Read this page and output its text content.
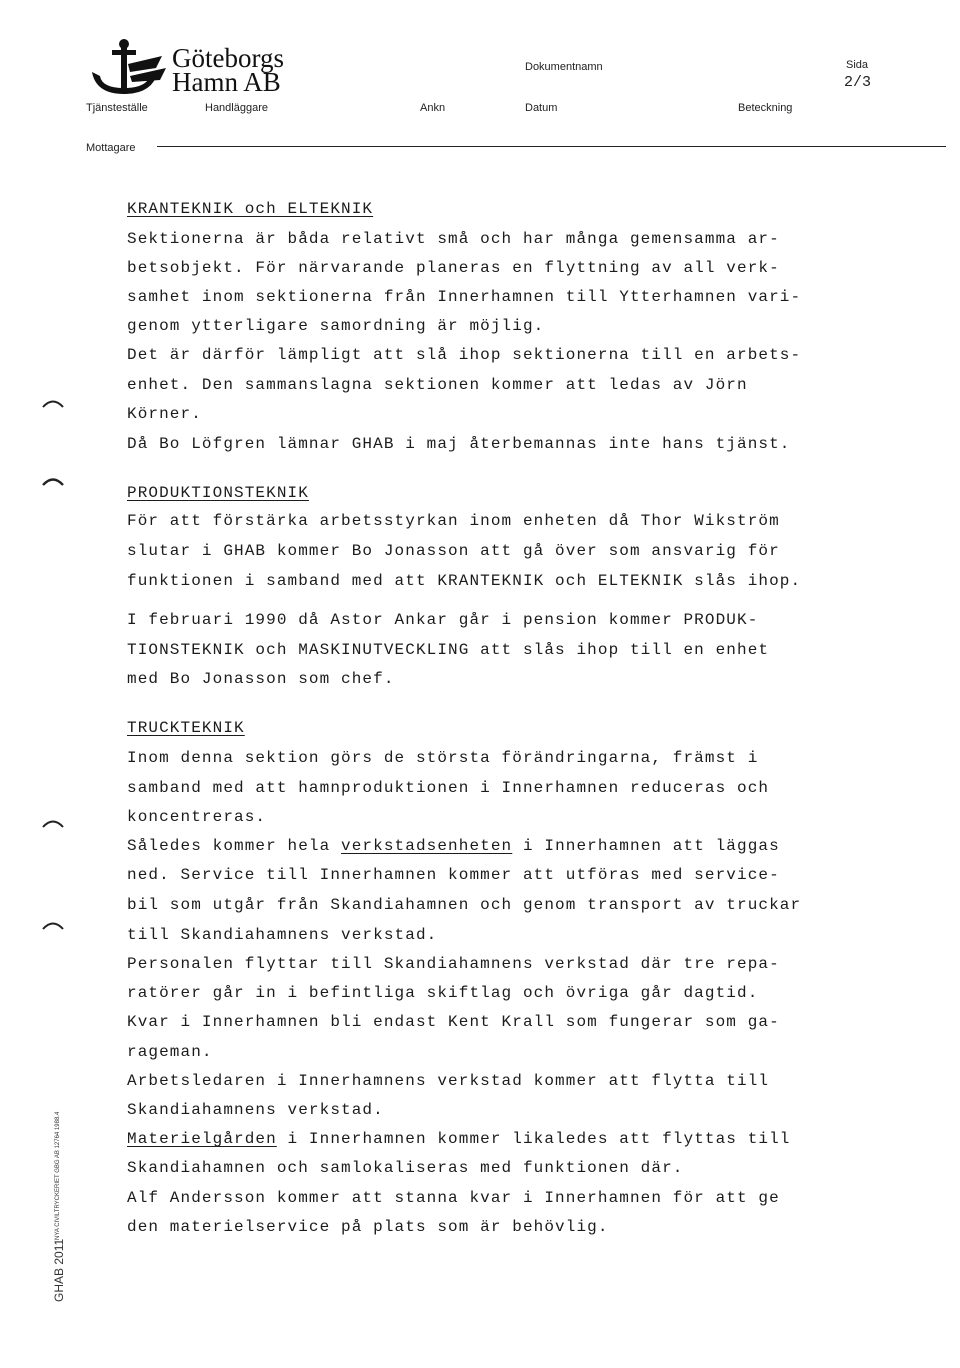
Göteborgs
Hamn AB	Dokumentnamn	Sida
2/3
Tjänsteställe	Handläggare	Ankn	Datum	Beteckning
Mottagare

KRANTEKNIK och ELTEKNIK

Sektionerna är båda relativt små och har många gemensamma ar-

betsobjekt. För närvarande planeras en flyttning av all verk-

samhet inom sektionerna från Innerhamnen till Ytterhamnen vari-

genom ytterligare samordning är möjlig.

Det är därför lämpligt att slå ihop sektionerna till en arbets-

enhet. Den sammanslagna sektionen kommer att ledas av Jörn

Körner.

Då Bo Löfgren lämnar GHAB i maj återbemannas inte hans tjänst.

PRODUKTIONSTEKNIK

För att förstärka arbetsstyrkan inom enheten då Thor Wikström

slutar i GHAB kommer Bo Jonasson att gå över som ansvarig för

funktionen i samband med att KRANTEKNIK och ELTEKNIK slås ihop.

I februari 1990 då Astor Ankar går i pension kommer PRODUK-

TIONSTEKNIK och MASKINUTVECKLING att slås ihop till en enhet

med Bo Jonasson som chef.

TRUCKTEKNIK

Inom denna sektion görs de största förändringarna, främst i

samband med att hamnproduktionen i Innerhamnen reduceras och

koncentreras.

Således kommer hela verkstadsenheten i Innerhamnen att läggas

ned. Service till Innerhamnen kommer att utföras med service-

bil som utgår från Skandiahamnen och genom transport av truckar

till Skandiahamnens verkstad.

Personalen flyttar till Skandiahamnens verkstad där tre repa-

ratörer går in i befintliga skiftlag och övriga går dagtid.

Kvar i Innerhamnen bli endast Kent Krall som fungerar som ga-

rageman.

Arbetsledaren i Innerhamnens verkstad kommer att flytta till

Skandiahamnens verkstad.

Materielgården i Innerhamnen kommer likaledes att flyttas till

Skandiahamnen och samlokaliseras med funktionen där.

Alf Andersson kommer att stanna kvar i Innerhamnen för att ge

den materielservice på plats som är behövlig.

GHAB 2011
NYA CIVILTRYCKERIET GBG AB 12764 1988.4
